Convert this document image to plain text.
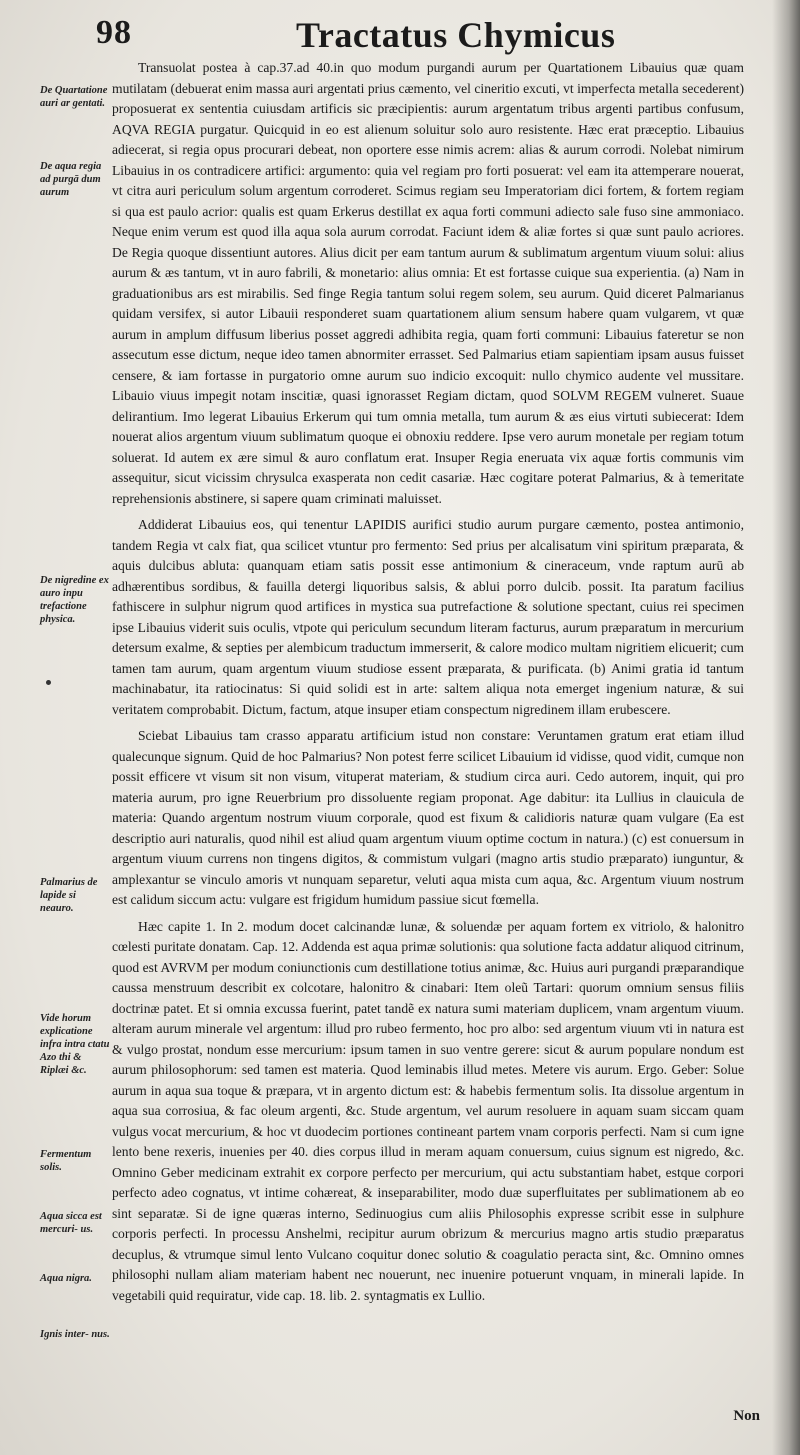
98	Tractatus Chymicus
De Quartatione auri ar gentati.
De aqua regia ad purgā dum aurum
De nigredine ex auro inpu trefactione physica.
Palmarius de lapide si neauro.
Vide horum explicatione infra intra ctatu Azo thi & Riplæi &c.
Fermentum solis.
Aqua sicca est mercuri- us.
Aqua nigra.
Ignis inter- nus.

Transuolat postea à cap.37.ad 40.in quo modum purgandi aurum per Quartationem Libauius quæ quam mutilatam (debuerat enim massa auri argentati prius cæmento, vel cineritio excuti, vt imperfecta metalla secederent) proposuerat ex sententia cuiusdam artificis sic præcipientis: aurum argentatum tribus argenti partibus confusum, AQVA REGIA purgatur. Quicquid in eo est alienum soluitur solo auro resistente. Hæc erat præceptio. Libauius adiecerat, si regia opus procurari debeat, non oportere esse nimis acrem: alias & aurum corrodi. Nolebat nimirum Libauius in os contradicere artifici: argumento: quia vel regiam pro forti posuerat: vel eam ita attemperare nouerat, vt citra auri periculum solum argentum corroderet. Scimus regiam seu Imperatoriam dici fortem, & fortem regiam si qua est paulo acrior: qualis est quam Erkerus destillat ex aqua forti communi adiecto sale fuso sine ammoniaco. Neque enim verum est quod illa aqua sola aurum corrodat. Faciunt idem & aliæ fortes si quæ sunt paulo acriores. De Regia quoque dissentiunt autores. Alius dicit per eam tantum aurum & sublimatum argentum viuum solui: alius aurum & æs tantum, vt in auro fabrili, & monetario: alius omnia: Et est fortasse cuique sua experientia. (a) Nam in graduationibus ars est mirabilis. Sed finge Regia tantum solui regem solem, seu aurum. Quid diceret Palmarianus quidam versifex, si autor Libauii responderet suam quartationem alium sensum habere quam vulgarem, vt quæ aurum in amplum diffusum liberius posset aggredi adhibita regia, quam forti communi: Libauius fateretur se non assecutum esse dictum, neque ideo tamen abnormiter errasset. Sed Palmarius etiam sapientiam ipsam ausus fuisset censere, & iam fortasse in purgatorio omne aurum suo indicio excoquit: nullo chymico audente vel mussitare. Libauio viuus impegit notam inscitiæ, quasi ignorasset Regiam dictam, quod SOLVM REGEM vulneret. Suaue delirantium. Imo legerat Libauius Erkerum qui tum omnia metalla, tum aurum & æs eius virtuti subiecerat: Idem nouerat alios argentum viuum sublimatum quoque ei obnoxiu reddere. Ipse vero aurum monetale per regiam totum soluerat. Id autem ex ære simul & auro conflatum erat. Insuper Regia eneruata vix aquæ fortis communis vim assequitur, sicut vicissim chrysulca exasperata non cedit casariæ. Hæc cogitare poterat Palmarius, & à temeritate reprehensionis abstinere, si sapere quam criminati maluisset.

Addiderat Libauius eos, qui tenentur LAPIDIS aurifici studio aurum purgare cæmento, postea antimonio, tandem Regia vt calx fiat, qua scilicet vtuntur pro fermento: Sed prius per alcalisatum vini spiritum præparata, & aquis dulcibus abluta: quanquam etiam satis possit esse antimonium & cineraceum, vnde raptum aurū ab adhærentibus sordibus, & fauilla detergi liquoribus salsis, & ablui porro dulcib. possit. Ita paratum facilius fathiscere in sulphur nigrum quod artifices in mystica sua putrefactione & solutione spectant, cuius rei specimen ipse Libauius viderit suis oculis, vtpote qui periculum secundum literam facturus, aurum præparatum in mercurium detersum exalme, & septies per alembicum traductum immerserit, & calore modico multam nigritiem elicuerit; cum tamen tam aurum, quam argentum viuum studiose essent præparata, & purificata. (b) Animi gratia id tantum machinabatur, ita ratiocinatus: Si quid solidi est in arte: saltem aliqua nota emerget ingenium naturæ, & sui veritatem comprobabit. Dictum, factum, atque insuper etiam conspectum nigredinem illam erubescere.

Sciebat Libauius tam crasso apparatu artificium istud non constare: Veruntamen gratum erat etiam illud qualecunque signum. Quid de hoc Palmarius? Non potest ferre scilicet Libauium id vidisse, quod vidit, cumque non possit efficere vt visum sit non visum, vituperat materiam, & studium circa auri. Cedo autorem, inquit, qui pro materia aurum, pro igne Reuerbrium pro dissoluente regiam proponat. Age dabitur: ita Lullius in clauicula de materia: Quando argentum nostrum viuum corporale, quod est fixum & calidioris naturæ quam vulgare (Ea est descriptio auri naturalis, quod nihil est aliud quam argentum viuum optime coctum in natura.) (c) est conuersum in argentum viuum currens non tingens digitos, & commistum vulgari (magno artis studio præparato) iunguntur, & amplexantur se vinculo amoris vt nunquam separetur, veluti aqua mista cum aqua, &c. Argentum viuum nostrum est calidum siccum actu: vulgare est frigidum humidum passiue sicut fœmella.

Hæc capite 1. In 2. modum docet calcinandæ lunæ, & soluendæ per aquam fortem ex vitriolo, & halonitro cœlesti puritate donatam. Cap. 12. Addenda est aqua primæ solutionis: qua solutione facta addatur aliquod citrinum, quod est AVRVM per modum coniunctionis cum destillatione totius animæ, &c. Huius auri purgandi præparandique caussa menstruum describit ex colcotare, halonitro & cinabari: Item oleũ Tartari: quorum omnium sensus filiis doctrinæ patet. Et si omnia excussa fuerint, patet tandẽ ex natura sumi materiam duplicem, vnam argentum viuum. alteram aurum minerale vel argentum: illud pro rubeo fermento, hoc pro albo: sed argentum viuum vti in natura est & vulgo prostat, nondum esse mercurium: ipsum tamen in suo ventre gerere: sicut & aurum populare nondum est aurum philosophorum: sed tamen est materia. Quod leminabis illud metes. Metere vis aurum. Ergo. Geber: Solue aurum in aqua sua toque & præpara, vt in argento dictum est: & habebis fermentum solis. Ita dissolue argentum in aqua sua corrosiua, & fac oleum argenti, &c. Stude argentum, vel aurum resoluere in aquam suam siccam quam vulgus vocat mercurium, & hoc vt duodecim portiones contineant partem vnam corporis perfecti. Nam si cum igne lento bene rexeris, inuenies per 40. dies corpus illud in meram aquam conuersum, cuius signum est nigredo, &c. Omnino Geber medicinam extrahit ex corpore perfecto per mercurium, qui actu substantiam habet, estque corpori perfecto adeo cognatus, vt intime cohæreat, & inseparabiliter, modo duæ superfluitates per sublimationem ab eo sint separatæ. Si de igne quæras interno, Sedinuogius cum aliis Philosophis expresse scribit esse in sulphure corporis perfecti. In processu Anshelmi, recipitur aurum obrizum & mercurius magno artis studio præparatus decuplus, & vtrumque simul lento Vulcano coquitur donec solutio & coagulatio peracta sint, &c. Omnino omnes philosophi nullam aliam materiam habent nec nouerunt, nec inuenire potuerunt vnquam, in minerali lapide. In vegetabili quid requiratur, vide cap. 18. lib. 2. syntagmatis ex Lullio.

Non
